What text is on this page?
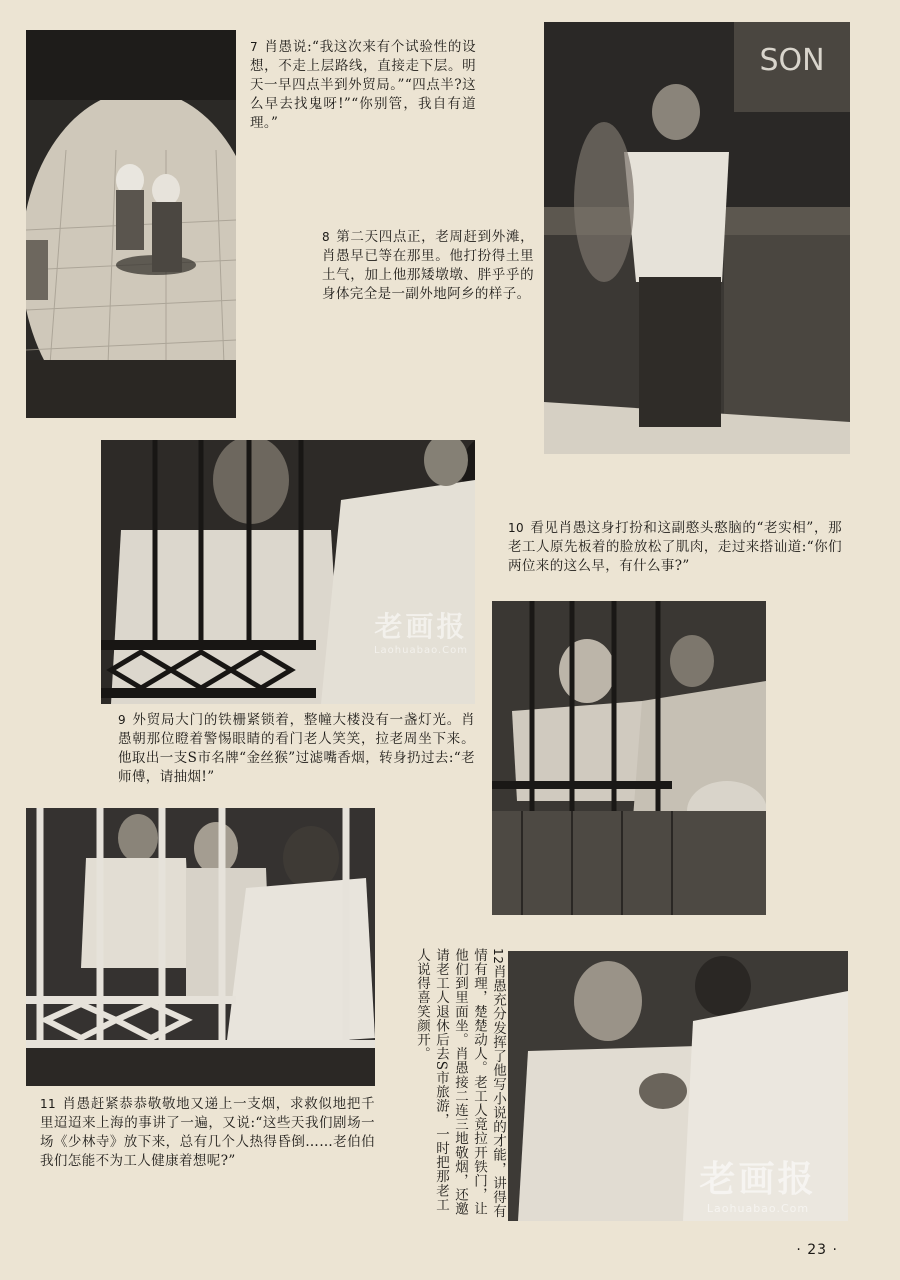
7 肖愚说:“我这次来有个试验性的设想，不走上层路线，直接走下层。明天一早四点半到外贸局。”“四点半?这么早去找鬼呀!”“你别管，我自有道理。”
SON
8 第二天四点正，老周赶到外滩，肖愚早已等在那里。他打扮得土里土气，加上他那矮墩墩、胖乎乎的身体完全是一副外地阿乡的样子。
老画报
Laohuabao.Com
9 外贸局大门的铁栅紧锁着，整幢大楼没有一盏灯光。肖愚朝那位瞪着警惕眼睛的看门老人笑笑，拉老周坐下来。他取出一支S市名牌“金丝猴”过滤嘴香烟，转身扔过去:“老师傅，请抽烟!”
10 看见肖愚这身打扮和这副憨头憨脑的“老实相”，那老工人原先板着的脸放松了肌肉，走过来搭讪道:“你们两位来的这么早，有什么事?”
11 肖愚赶紧恭恭敬敬地又递上一支烟，求救似地把千里迢迢来上海的事讲了一遍，又说:“这些天我们剧场一场《少林寺》放下来，总有几个人热得昏倒……老伯伯我们怎能不为工人健康着想呢?”
12肖愚充分发挥了他写小说的才能，讲得有情有理，楚楚动人。老工人竟拉开铁门，让他们到里面坐。肖愚接二连三地敬烟，还邀请老工人退休后去S市旅游，一时把那老工人说得喜笑颜开。
老画报
Laohuabao.Com
· 23 ·
